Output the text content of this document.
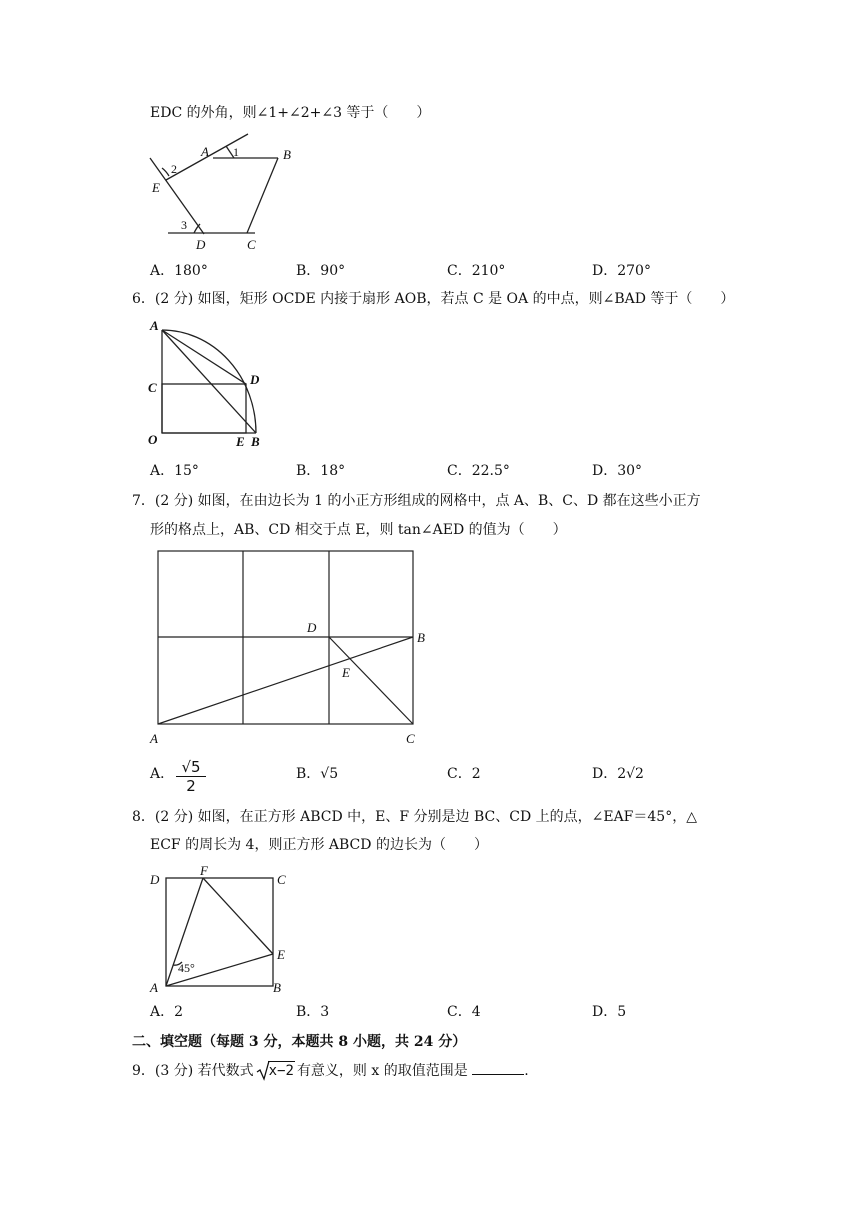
EDC 的外角，则∠1+∠2+∠3 等于（　　）
A	B
E
D	C
1
2
3
A．180°	B．90°	C．210°	D．270°
6．(2 分) 如图，矩形 OCDE 内接于扇形 AOB，若点 C 是 OA 的中点，则∠BAD 等于（　　）
A
C
D
O	E B
A．15°	B．18°	C．22.5°	D．30°
7．(2 分) 如图，在由边长为 1 的小正方形组成的网格中，点 A、B、C、D 都在这些小正方
形的格点上，AB、CD 相交于点 E，则 tan∠AED 的值为（　　）
A
B
C
D
E
A． $\frac{√5}{2}$	B．√5	C．2	D．2√2
8．(2 分) 如图，在正方形 ABCD 中，E、F 分别是边 BC、CD 上的点，∠EAF＝45°，△
ECF 的周长为 4，则正方形 ABCD 的边长为（　　）
D
F
C
E
A	B
45°
A．2	B．3	C．4	D．5
二、填空题（每题 3 分，本题共 8 小题，共 24 分）
9．(3 分) 若代数式 x−2 有意义，则 x 的取值范围是	.
